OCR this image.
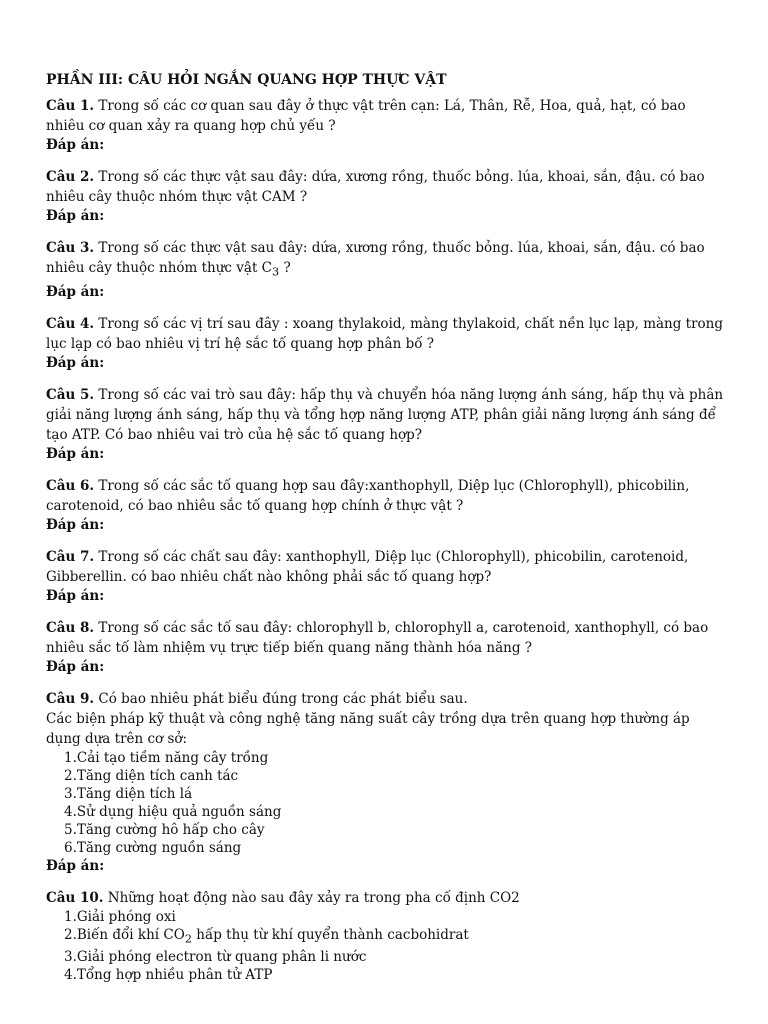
PHẦN III: CÂU HỎI NGẮN QUANG HỢP THỰC VẬT

Câu 1. Trong số các cơ quan sau đây ở thực vật trên cạn: Lá, Thân, Rễ, Hoa, quả, hạt, có bao nhiêu cơ quan xảy ra quang hợp chủ yếu ?

Đáp án:

Câu 2. Trong số các thực vật sau đây: dứa, xương rồng, thuốc bỏng. lúa, khoai, sắn, đậu. có bao nhiêu cây thuộc nhóm thực vật CAM ?

Đáp án:

Câu 3. Trong số các thực vật sau đây: dứa, xương rồng, thuốc bỏng. lúa, khoai, sắn, đậu. có bao nhiêu cây thuộc nhóm thực vật $C_3$ ?

Đáp án:

Câu 4. Trong số các vị trí sau đây : xoang thylakoid, màng thylakoid, chất nền lục lạp, màng trong lục lạp có bao nhiêu vị trí hệ sắc tố quang hợp phân bố ?

Đáp án:

Câu 5. Trong số các vai trò sau đây: hấp thụ và chuyển hóa năng lượng ánh sáng, hấp thụ và phân giải năng lượng ánh sáng, hấp thụ và tổng hợp năng lượng ATP, phân giải năng lượng ánh sáng để tạo ATP. Có bao nhiêu vai trò của hệ sắc tố quang hợp?

Đáp án:

Câu 6. Trong số các sắc tố quang hợp sau đây:xanthophyll, Diệp lục (Chlorophyll), phicobilin, carotenoid, có bao nhiêu sắc tố quang hợp chính ở thực vật ?

Đáp án:

Câu 7. Trong số các chất sau đây: xanthophyll, Diệp lục (Chlorophyll), phicobilin, carotenoid, Gibberellin. có bao nhiêu chất nào không phải sắc tố quang hợp?

Đáp án:

Câu 8. Trong số các sắc tố sau đây: chlorophyll b, chlorophyll a, carotenoid, xanthophyll, có bao nhiêu sắc tố làm nhiệm vụ trực tiếp biến quang năng thành hóa năng ?

Đáp án:

Câu 9. Có bao nhiêu phát biểu đúng trong các phát biểu sau.

Các biện pháp kỹ thuật và công nghệ tăng năng suất cây trồng dựa trên quang hợp thường áp dụng dựa trên cơ sở:

1.Cải tạo tiềm năng cây trồng
2.Tăng diện tích canh tác
3.Tăng diện tích lá
4.Sử dụng hiệu quả nguồn sáng
5.Tăng cường hô hấp cho cây
6.Tăng cường nguồn sáng
Đáp án:

Câu 10. Những hoạt động nào sau đây xảy ra trong pha cố định CO2

1.Giải phóng oxi
2.Biến đổi khí $CO_2$ hấp thụ từ khí quyển thành cacbohidrat
3.Giải phóng electron từ quang phân li nước
4.Tổng hợp nhiều phân tử ATP
